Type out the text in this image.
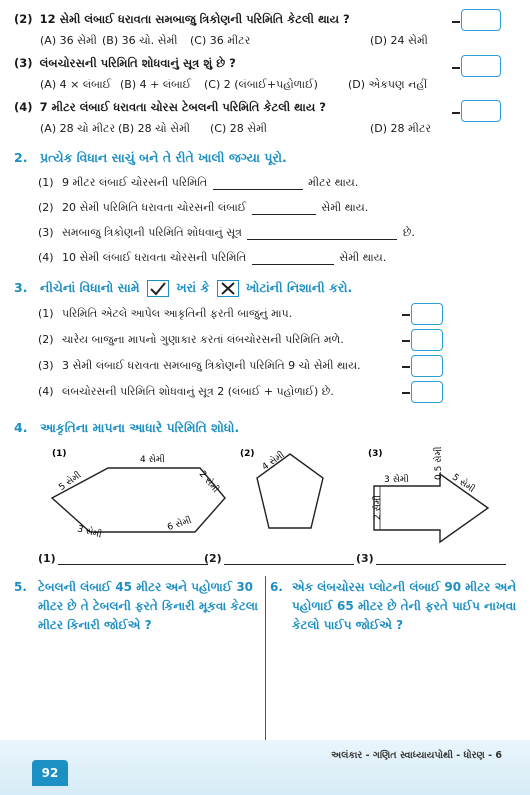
(2) 12 સેમી લંબાઈ ધરાવતા સમબાજુ ત્રિકોણની પરિમિતિ કેટલી થાય ?
(A) 36 સેમી (B) 36 ચો. સેમી	(C) 36 મીટર	(D) 24 સેમી
(3) લંબચોરસની પરિમિતિ શોધવાનું સૂત્ર શું છે ?
(A) 4 × લંબાઈ (B) 4 + લંબાઈ	(C) 2 (લંબાઈ+પહોળાઈ)	(D) એકપણ નહીં
(4) 7 મીટર લંબાઈ ધરાવતા ચોરસ ટેબલની પરિમિતિ કેટલી થાય ?
(A) 28 ચો મીટર (B) 28 ચો સેમી	(C) 28 સેમી	(D) 28 મીટર
2. પ્રત્યેક વિધાન સાચું બને તે રીતે ખાલી જગ્યા પૂરો.
(1) 9 મીટર લંબાઈ ચોરસની પરિમિતિ	મીટર થાય.
(2) 20 સેમી પરિમિતિ ધરાવતા ચોરસની લંબાઈ	સેમી થાય.
(3) સમબાજુ ત્રિકોણની પરિમિતિ શોધવાનું સૂત્ર	છે.
(4) 10 સેમી લંબાઈ ધરાવતા ચોરસની પરિમિતિ	સેમી થાય.
3. નીચેનાં વિધાનો સામે	ખરાં કે	ખોટાંની નિશાની કરો.
(1) પરિમિતિ એટલે આપેલ આકૃતિની ફરતી બાજુનું માપ.
(2) ચારેય બાજુના માપનો ગુણાકાર કરતાં લંબચોરસની પરિમિતિ મળે.
(3) 3 સેમી લંબાઈ ધરાવતા સમબાજુ ત્રિકોણની પરિમિતિ 9 ચો સેમી થાય.
(4) લંબચોરસની પરિમિતિ શોધવાનું સૂત્ર 2 (લંબાઈ + પહોળાઈ) છે.
4. આકૃતિના માપના આધારે પરિમિતિ શોધો.
(1)
4 સેમી
5 સેમી	2 સેમી
3 સેમી	6 સેમી
(2) 4 સેમી	(3)
3 સેમી	0.5 સેમી
2 સેમી
5 સેમી
(1)	(2)	(3)
5. ટેબલની લંબાઈ 45 મીટર અને પહોળાઈ 30 મીટર છે તે ટેબલની ફરતે કિનારી મૂકવા કેટલા મીટર કિનારી જોઈએ ?
6. એક લંબચોરસ પ્લોટની લંબાઈ 90 મીટર અને પહોળાઈ 65 મીટર છે તેની ફરતે પાઈપ નાખવા કેટલો પાઈપ જોઈએ ?
અલંકાર - ગણિત સ્વાધ્યાયપોથી - ધોરણ - 6
92
